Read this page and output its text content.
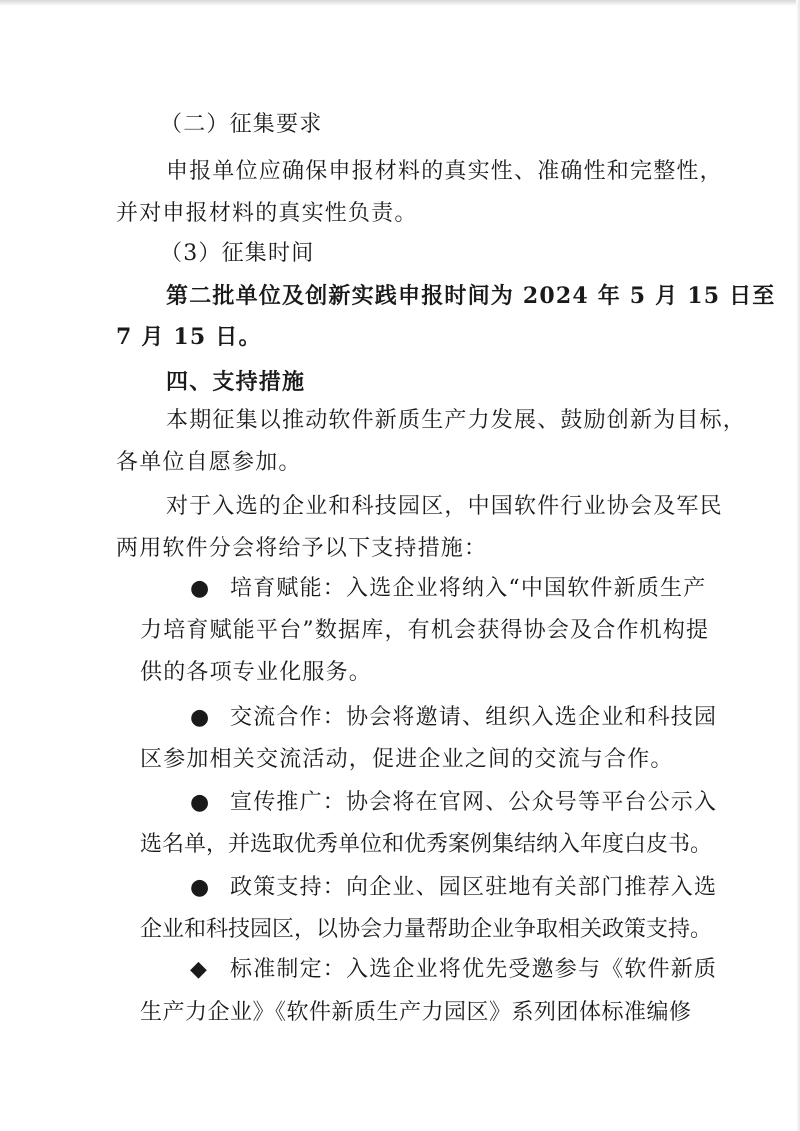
（二）征集要求
申报单位应确保申报材料的真实性、准确性和完整性，
并对申报材料的真实性负责。
（3）征集时间
第二批单位及创新实践申报时间为 2024 年 5 月 15 日至
7 月 15 日。
四、支持措施
本期征集以推动软件新质生产力发展、鼓励创新为目标，
各单位自愿参加。
对于入选的企业和科技园区，中国软件行业协会及军民
两用软件分会将给予以下支持措施：
● 培育赋能：入选企业将纳入“中国软件新质生产
力培育赋能平台”数据库，有机会获得协会及合作机构提
供的各项专业化服务。
● 交流合作：协会将邀请、组织入选企业和科技园
区参加相关交流活动，促进企业之间的交流与合作。
● 宣传推广：协会将在官网、公众号等平台公示入
选名单，并选取优秀单位和优秀案例集结纳入年度白皮书。
● 政策支持：向企业、园区驻地有关部门推荐入选
企业和科技园区，以协会力量帮助企业争取相关政策支持。
◆ 标准制定：入选企业将优先受邀参与《软件新质
生产力企业》《软件新质生产力园区》系列团体标准编修
